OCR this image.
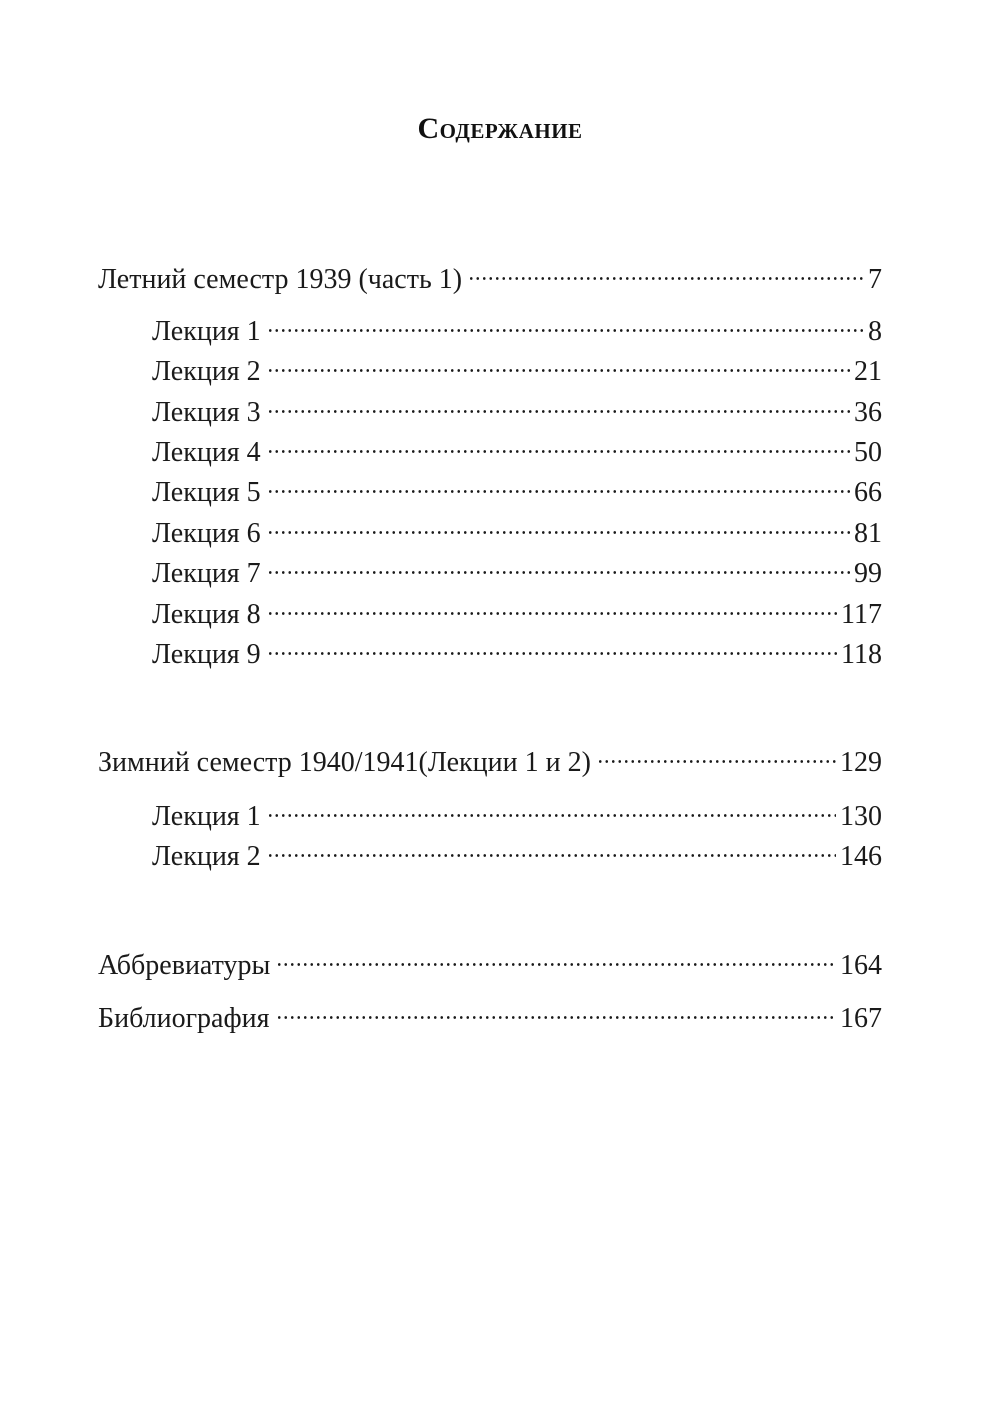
Содержание
Летний семестр 1939 (часть 1)	7
Лекция 1	8
Лекция 2	21
Лекция 3	36
Лекция 4	50
Лекция 5	66
Лекция 6	81
Лекция 7	99
Лекция 8	117
Лекция 9	118
Зимний семестр 1940/1941(Лекции 1 и 2)	129
Лекция 1	130
Лекция 2	146
Аббревиатуры	164
Библиография	167
